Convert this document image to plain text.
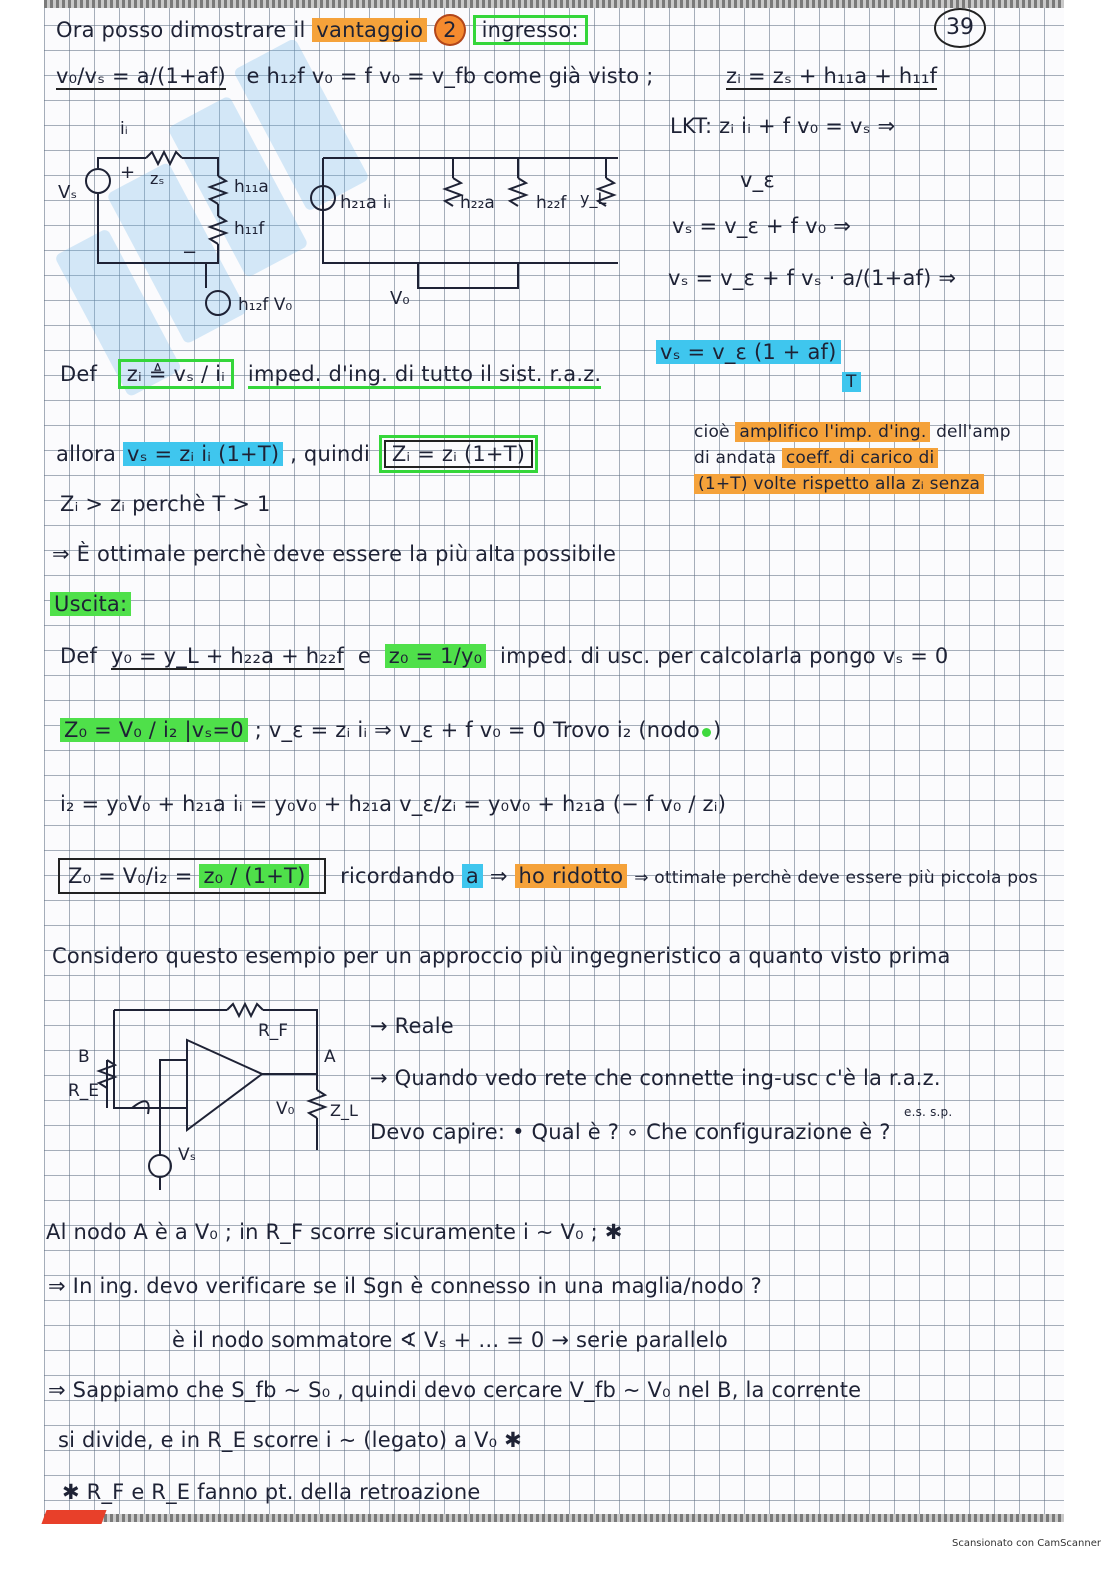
39
Ora posso dimostrare il vantaggio 2 ingresso:
v₀/vₛ = a/(1+af) e h₁₂f v₀ = f v₀ = v_fb come già visto ;	zᵢ = zₛ + h₁₁a + h₁₁f
LKT: zᵢ iᵢ + f v₀ = vₛ ⇒
v_ε
vₛ = v_ε + f v₀ ⇒
vₛ = v_ε + f vₛ · a/(1+af) ⇒
vₛ = v_ε (1 + af)
T
iᵢ
zₛ
Vₛ
+
−
h₁₁a
h₁₁f
h₁₂f V₀
h₂₁a iᵢ	h₂₂a h₂₂f y_L
V₀
Def zᵢ ≜ vₛ / iᵢ imped. d'ing. di tutto il sist. r.a.z.
cioè amplifico l'imp. d'ing. dell'amp
di andata coeff. di carico di
(1+T) volte rispetto alla zᵢ senza
allora vₛ = zᵢ iᵢ (1+T) , quindi Zᵢ = zᵢ (1+T)
Zᵢ > zᵢ perchè T > 1
⇒ È ottimale perchè deve essere la più alta possibile
Uscita:
Def y₀ = y_L + h₂₂a + h₂₂f e z₀ = 1/y₀ imped. di usc. per calcolarla pongo vₛ = 0
Z₀ = V₀ / i₂ |vₛ=0 ; v_ε = zᵢ iᵢ ⇒ v_ε + f v₀ = 0 Trovo i₂ (nodo )
i₂ = y₀V₀ + h₂₁a iᵢ = y₀v₀ + h₂₁a v_ε/zᵢ = y₀v₀ + h₂₁a (− f v₀ / zᵢ)
Z₀ = V₀/i₂ = z₀ / (1+T) ricordando a ⇒ ho ridotto ⇒ ottimale perchè deve essere più piccola pos
Considero questo esempio per un approccio più ingegneristico a quanto visto prima
B	A
R_F
R_E
V₀ Z_L
Vₛ
→ Reale
→ Quando vedo rete che connette ing-usc c'è la r.a.z.
Devo capire: • Qual è ? ∘ Che configurazione è ?
e.s. s.p.
Al nodo A è a V₀ ; in R_F scorre sicuramente i ∼ V₀ ; ✱
⇒ In ing. devo verificare se il Sgn è connesso in una maglia/nodo ?
è il nodo sommatore ∢ Vₛ + … = 0 → serie parallelo
⇒ Sappiamo che S_fb ∼ S₀ , quindi devo cercare V_fb ∼ V₀ nel B, la corrente
si divide, e in R_E scorre i ∼ (legato) a V₀ ✱
✱ R_F e R_E fanno pt. della retroazione
Scansionato con CamScanner
